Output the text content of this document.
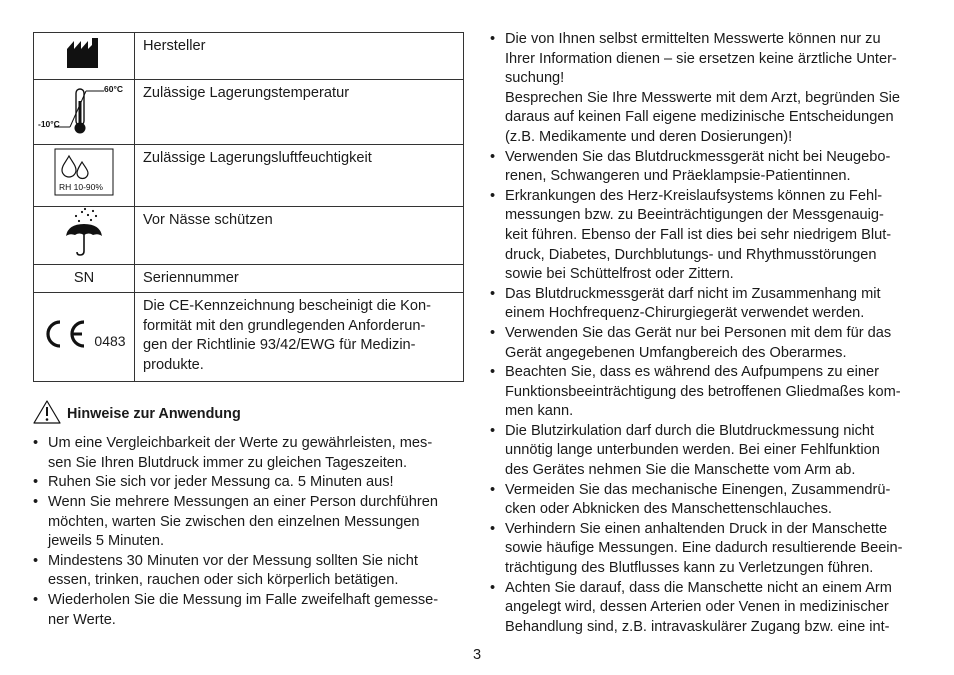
	Hersteller

60°C
-10°C	Zulässige Lagerungstemperatur

RH 10-90%	Zulässige Lagerungsluftfeuchtigkeit
	Vor Nässe schützen
SN	Seriennummer

0483	Die CE-Kennzeichnung bescheinigt die Kon-
formität mit den grundlegenden Anforderun-
gen der Richtlinie 93/42/EWG für Medizin-
produkte.
Hinweise zur Anwendung
• Um eine Vergleichbarkeit der Werte zu gewährleisten, mes-
sen Sie Ihren Blutdruck immer zu gleichen Tageszeiten.
• Ruhen Sie sich vor jeder Messung ca. 5 Minuten aus!
• Wenn Sie mehrere Messungen an einer Person durchführen
möchten, warten Sie zwischen den einzelnen Messungen
jeweils 5 Minuten.
• Mindestens 30 Minuten vor der Messung sollten Sie nicht
essen, trinken, rauchen oder sich körperlich betätigen.
• Wiederholen Sie die Messung im Falle zweifelhaft gemesse-
ner Werte.
• Die von Ihnen selbst ermittelten Messwerte können nur zu
Ihrer Information dienen – sie ersetzen keine ärztliche Unter-
suchung!
Besprechen Sie Ihre Messwerte mit dem Arzt, begründen Sie
daraus auf keinen Fall eigene medizinische Entscheidungen
(z.B. Medikamente und deren Dosierungen)!
• Verwenden Sie das Blutdruckmessgerät nicht bei Neugebo-
renen, Schwangeren und Präeklampsie-Patientinnen.
• Erkrankungen des Herz-Kreislaufsystems können zu Fehl-
messungen bzw. zu Beeinträchtigungen der Messgenauig-
keit führen. Ebenso der Fall ist dies bei sehr niedrigem Blut-
druck, Diabetes, Durchblutungs- und Rhythmusstörungen
sowie bei Schüttelfrost oder Zittern.
• Das Blutdruckmessgerät darf nicht im Zusammenhang mit
einem Hochfrequenz-Chirurgiegerät verwendet werden.
• Verwenden Sie das Gerät nur bei Personen mit dem für das
Gerät angegebenen Umfangbereich des Oberarmes.
• Beachten Sie, dass es während des Aufpumpens zu einer
Funktionsbeeinträchtigung des betroffenen Gliedmaßes kom-
men kann.
• Die Blutzirkulation darf durch die Blutdruckmessung nicht
unnötig lange unterbunden werden. Bei einer Fehlfunktion
des Gerätes nehmen Sie die Manschette vom Arm ab.
• Vermeiden Sie das mechanische Einengen, Zusammendrü-
cken oder Abknicken des Manschettenschlauches.
• Verhindern Sie einen anhaltenden Druck in der Manschette
sowie häufige Messungen. Eine dadurch resultierende Beein-
trächtigung des Blutflusses kann zu Verletzungen führen.
• Achten Sie darauf, dass die Manschette nicht an einem Arm
angelegt wird, dessen Arterien oder Venen in medizinischer
Behandlung sind, z.B. intravaskulärer Zugang bzw. eine int-
3
